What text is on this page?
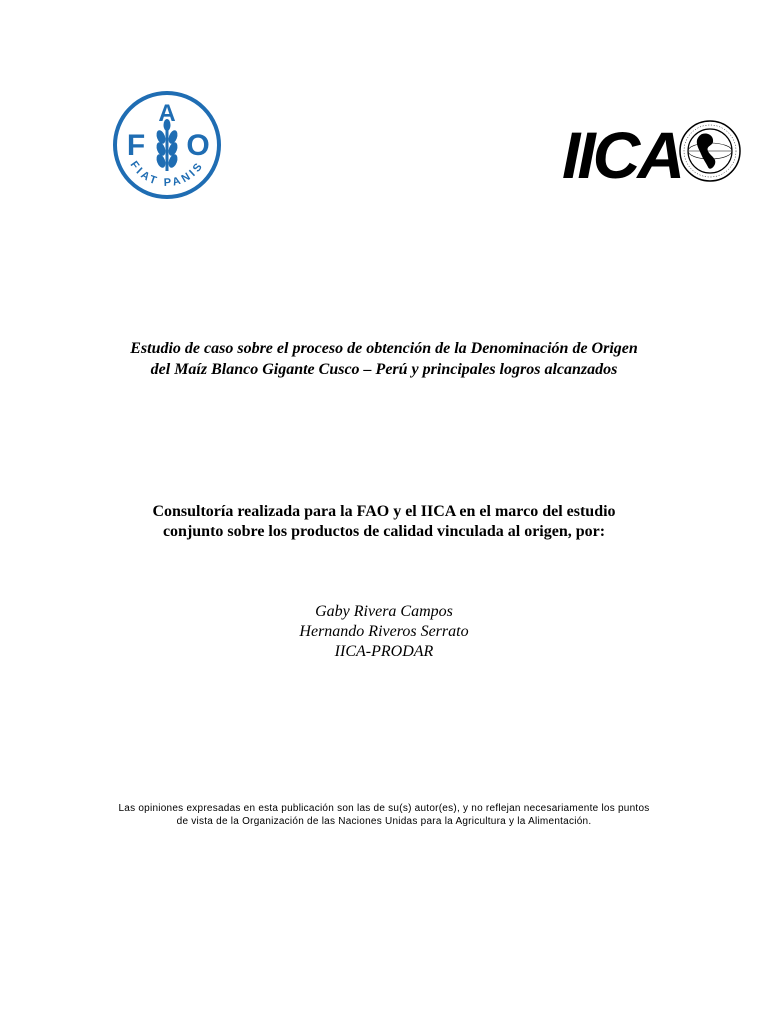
F
A
O
FIAT PANIS	IICA
Estudio de caso sobre el proceso de obtención de la Denominación de Origen
del Maíz Blanco Gigante Cusco – Perú y principales logros alcanzados
Consultoría realizada para la FAO y el IICA en el marco del estudio
conjunto sobre los productos de calidad vinculada al origen, por:
Gaby Rivera Campos
Hernando Riveros Serrato
IICA-PRODAR
Las opiniones expresadas en esta publicación son las de su(s) autor(es), y no reflejan necesariamente los puntos
de vista de la Organización de las Naciones Unidas para la Agricultura y la Alimentación.
